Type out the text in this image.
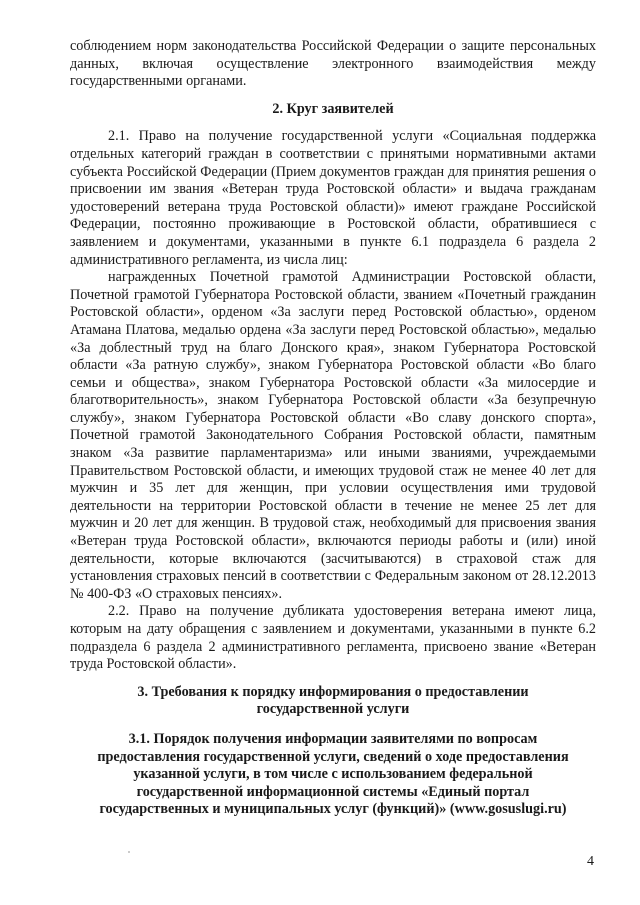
соблюдением норм законодательства Российской Федерации о защите персональных данных, включая осуществление электронного взаимодействия между государственными органами.

2. Круг заявителей

2.1. Право на получение государственной услуги «Социальная поддержка отдельных категорий граждан в соответствии с принятыми нормативными актами субъекта Российской Федерации (Прием документов граждан для принятия решения о присвоении им звания «Ветеран труда Ростовской области» и выдача гражданам удостоверений ветерана труда Ростовской области)» имеют граждане Российской Федерации, постоянно проживающие в Ростовской области, обратившиеся с заявлением и документами, указанными в пункте 6.1 подраздела 6 раздела 2 административного регламента, из числа лиц:

награжденных Почетной грамотой Администрации Ростовской области, Почетной грамотой Губернатора Ростовской области, званием «Почетный гражданин Ростовской области», орденом «За заслуги перед Ростовской областью», орденом Атамана Платова, медалью ордена «За заслуги перед Ростовской областью», медалью «За доблестный труд на благо Донского края», знаком Губернатора Ростовской области «За ратную службу», знаком Губернатора Ростовской области «Во благо семьи и общества», знаком Губернатора Ростовской области «За милосердие и благотворительность», знаком Губернатора Ростовской области «За безупречную службу», знаком Губернатора Ростовской области «Во славу донского спорта», Почетной грамотой Законодательного Собрания Ростовской области, памятным знаком «За развитие парламентаризма» или иными званиями, учреждаемыми Правительством Ростовской области, и имеющих трудовой стаж не менее 40 лет для мужчин и 35 лет для женщин, при условии осуществления ими трудовой деятельности на территории Ростовской области в течение не менее 25 лет для мужчин и 20 лет для женщин. В трудовой стаж, необходимый для присвоения звания «Ветеран труда Ростовской области», включаются периоды работы и (или) иной деятельности, которые включаются (засчитываются) в страховой стаж для установления страховых пенсий в соответствии с Федеральным законом от 28.12.2013 № 400-ФЗ «О страховых пенсиях».

2.2. Право на получение дубликата удостоверения ветерана имеют лица, которым на дату обращения с заявлением и документами, указанными в пункте 6.2 подраздела 6 раздела 2 административного регламента, присвоено звание «Ветеран труда Ростовской области».

3. Требования к порядку информирования о предоставлении
государственной услуги
3.1. Порядок получения информации заявителями по вопросам
предоставления государственной услуги, сведений о ходе предоставления
указанной услуги, в том числе с использованием федеральной
государственной информационной системы «Единый портал
государственных и муниципальных услуг (функций)» (www.gosuslugi.ru)
4
